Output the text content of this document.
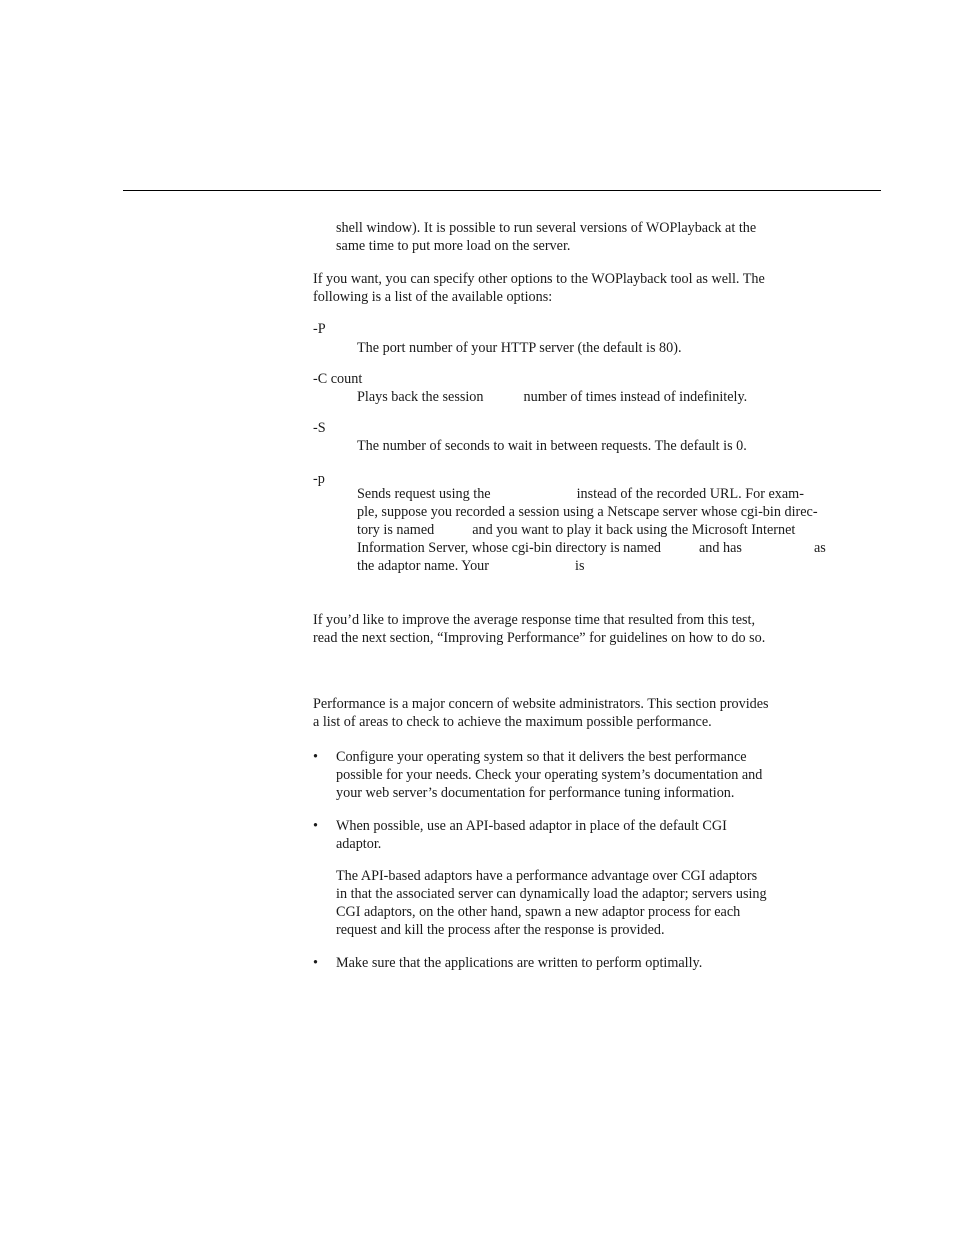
shell window). It is possible to run several versions of WOPlayback at the
same time to put more load on the server.
If you want, you can specify other options to the WOPlayback tool as well. The
following is a list of the available options:
-P
The port number of your HTTP server (the default is 80).
-C count
Plays back the session	number of times instead of indefinitely.
-S
The number of seconds to wait in between requests. The default is 0.
-p
Sends request using the	instead of the recorded URL. For exam-
ple, suppose you recorded a session using a Netscape server whose cgi-bin direc-
tory is named	and you want to play it back using the Microsoft Internet
Information Server, whose cgi-bin directory is named	and has	as
the adaptor name. Your	is
If you’d like to improve the average response time that resulted from this test,
read the next section, “Improving Performance” for guidelines on how to do so.
Performance is a major concern of website administrators. This section provides
a list of areas to check to achieve the maximum possible performance.
• Configure your operating system so that it delivers the best performance
possible for your needs. Check your operating system’s documentation and
your web server’s documentation for performance tuning information.
• When possible, use an API-based adaptor in place of the default CGI
adaptor.
The API-based adaptors have a performance advantage over CGI adaptors
in that the associated server can dynamically load the adaptor; servers using
CGI adaptors, on the other hand, spawn a new adaptor process for each
request and kill the process after the response is provided.
• Make sure that the applications are written to perform optimally.
